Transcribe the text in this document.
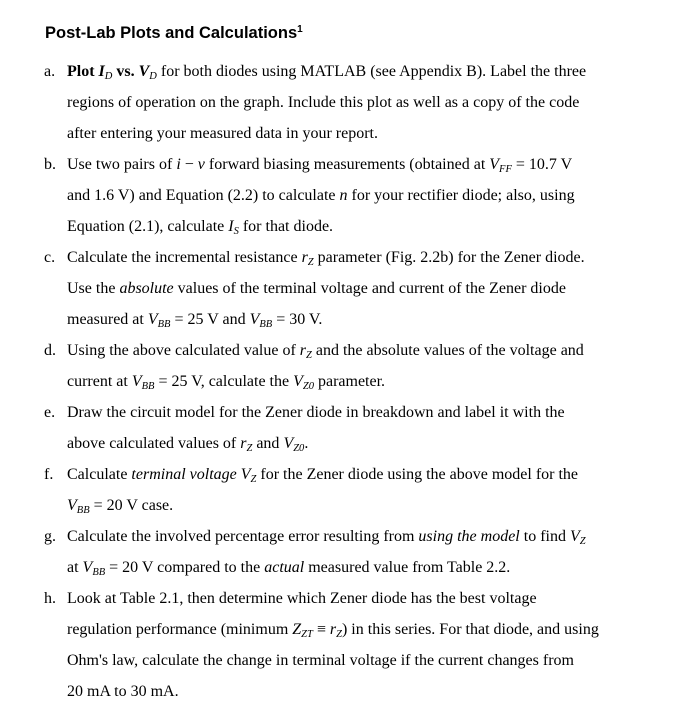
Post-Lab Plots and Calculations$^1$
a. Plot $I_D$ vs. $V_D$ for both diodes using MATLAB (see Appendix B). Label the three
regions of operation on the graph. Include this plot as well as a copy of the code
after entering your measured data in your report.
b. Use two pairs of i − v forward biasing measurements (obtained at $V_{FF} = 10.7$ V
and 1.6 V) and Equation (2.2) to calculate n for your rectifier diode; also, using
Equation (2.1), calculate $I_S$ for that diode.
c. Calculate the incremental resistance $r_Z$ parameter (Fig. 2.2b) for the Zener diode.
Use the absolute values of the terminal voltage and current of the Zener diode
measured at $V_{BB} = 25$ V and $V_{BB} = 30$ V.
d. Using the above calculated value of $r_Z$ and the absolute values of the voltage and
current at $V_{BB} = 25$ V, calculate the $V_{Z0}$ parameter.
e. Draw the circuit model for the Zener diode in breakdown and label it with the
above calculated values of $r_Z$ and $V_{Z0}$.
f. Calculate terminal voltage $V_Z$ for the Zener diode using the above model for the
$V_{BB} = 20$ V case.
g. Calculate the involved percentage error resulting from using the model to find $V_Z$
at $V_{BB} = 20$ V compared to the actual measured value from Table 2.2.
h. Look at Table 2.1, then determine which Zener diode has the best voltage
regulation performance (minimum $Z_{ZT} \equiv r_Z$) in this series. For that diode, and using
Ohm's law, calculate the change in terminal voltage if the current changes from
20 mA to 30 mA.
